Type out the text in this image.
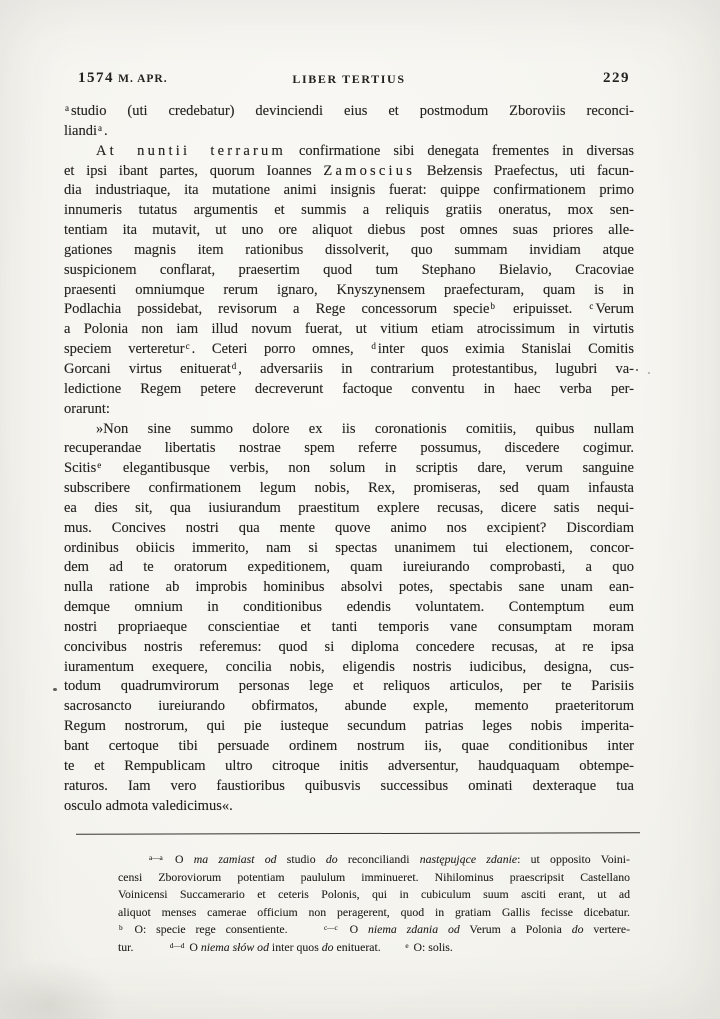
1574 M. APR.	LIBER TERTIUS	229
$^a$ studio (uti credebatur) devinciendi eius et postmodum Zboroviis reconci-
liandi$^a$ .
At nuntii terrarum confirmatione sibi denegata frementes in diversas
et ipsi ibant partes, quorum Ioannes Zamoscius Bełzensis Praefectus, uti facun-
dia industriaque, ita mutatione animi insignis fuerat: quippe confirmationem primo
innumeris tutatus argumentis et summis a reliquis gratiis oneratus, mox sen-
tentiam ita mutavit, ut uno ore aliquot diebus post omnes suas priores alle-
gationes magnis item rationibus dissolverit, quo summam invidiam atque
suspicionem conflarat, praesertim quod tum Stephano Bielavio, Cracoviae
praesenti omniumque rerum ignaro, Knyszynensem praefecturam, quam is in
Podlachia possidebat, revisorum a Rege concessorum specie$^b$ eripuisset. $^c$ Verum
a Polonia non iam illud novum fuerat, ut vitium etiam atrocissimum in virtutis
speciem verteretur$^c$ . Ceteri porro omnes, $^d$ inter quos eximia Stanislai Comitis
Gorcani virtus enituerat$^d$ , adversariis in contrarium protestantibus, lugubri va-
ledictione Regem petere decreverunt factoque conventu in haec verba per-
orarunt:
»Non sine summo dolore ex iis coronationis comitiis, quibus nullam
recuperandae libertatis nostrae spem referre possumus, discedere cogimur.
Scitis$^e$ elegantibusque verbis, non solum in scriptis dare, verum sanguine
subscribere confirmationem legum nobis, Rex, promiseras, sed quam infausta
ea dies sit, qua iusiurandum praestitum explere recusas, dicere satis nequi-
mus. Concives nostri qua mente quove animo nos excipient? Discordiam
ordinibus obiicis immerito, nam si spectas unanimem tui electionem, concor-
dem ad te oratorum expeditionem, quam iureiurando comprobasti, a quo
nulla ratione ab improbis hominibus absolvi potes, spectabis sane unam ean-
demque omnium in conditionibus edendis voluntatem. Contemptum eum
nostri propriaeque conscientiae et tanti temporis vane consumptam moram
concivibus nostris referemus: quod si diploma concedere recusas, at re ipsa
iuramentum exequere, concilia nobis, eligendis nostris iudicibus, designa, cus-
todum quadrumvirorum personas lege et reliquos articulos, per te Parisiis
sacrosancto iureiurando obfirmatos, abunde exple, memento praeteritorum
Regum nostrorum, qui pie iusteque secundum patrias leges nobis imperita-
bant certoque tibi persuade ordinem nostrum iis, quae conditionibus inter
te et Rempublicam ultro citroque initis adversentur, haudquaquam obtempe-
raturos. Iam vero faustioribus quibusvis successibus ominati dexteraque tua
osculo admota valedicimus«.
$^{a—a}$ O ma zamiast od studio do reconciliandi następujące zdanie: ut opposito Voini-
censi Zboroviorum potentiam paululum imminueret. Nihilominus praescripsit Castellano
Voinicensi Succamerario et ceteris Polonis, qui in cubiculum suum asciti erant, ut ad
aliquot menses camerae officium non peragerent, quod in gratiam Gallis fecisse dicebatur.
$^b$ O: specie rege consentiente.   $^{c—c}$ O niema zdania od Verum a Polonia do vertere-
tur.   $^{d—d}$ O niema słów od inter quos do enituerat.  $^e$ O: solis.
